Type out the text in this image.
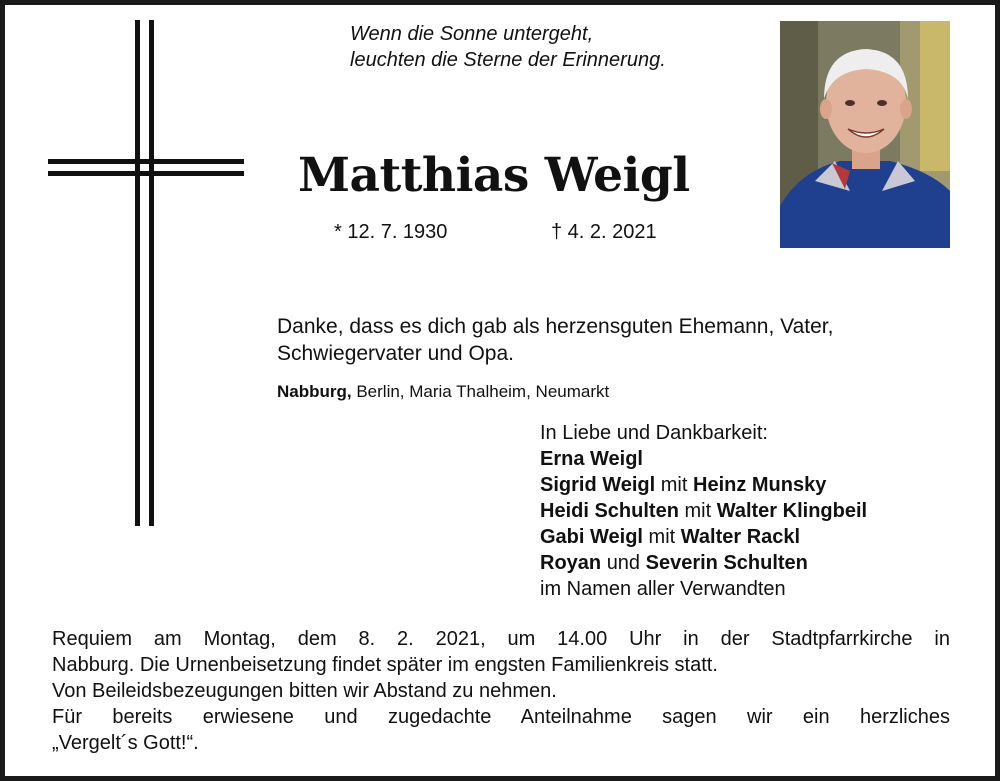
Wenn die Sonne untergeht,
leuchten die Sterne der Erinnerung.
Matthias Weigl
* 12. 7. 1930	† 4. 2. 2021
Danke, dass es dich gab als herzensguten Ehemann, Vater,
Schwiegervater und Opa.
Nabburg, Berlin, Maria Thalheim, Neumarkt
In Liebe und Dankbarkeit:
Erna Weigl
Sigrid Weigl mit Heinz Munsky
Heidi Schulten mit Walter Klingbeil
Gabi Weigl mit Walter Rackl
Royan und Severin Schulten
im Namen aller Verwandten
Requiem am Montag, dem 8. 2. 2021, um 14.00 Uhr in der Stadtpfarrkirche in
Nabburg. Die Urnenbeisetzung findet später im engsten Familienkreis statt.
Von Beileidsbezeugungen bitten wir Abstand zu nehmen.
Für bereits erwiesene und zugedachte Anteilnahme sagen wir ein herzliches
„Vergelt´s Gott!“.
